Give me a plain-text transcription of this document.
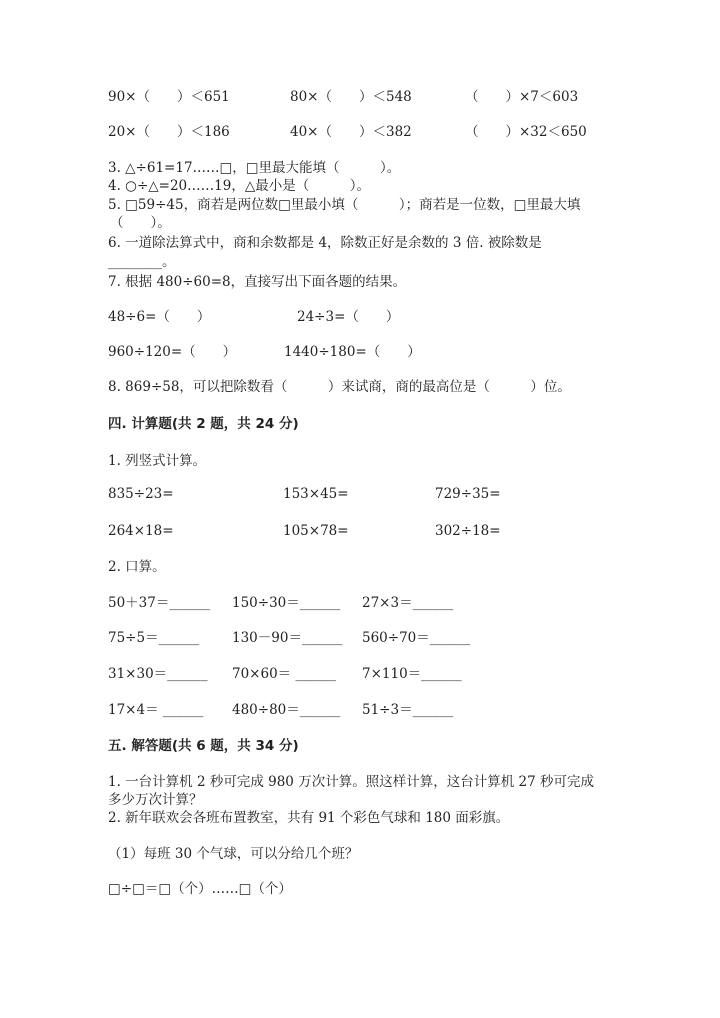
90×（　　）＜651	80×（　　）＜548	（　　）×7＜603
20×（　　）＜186	40×（　　）＜382	（　　）×32＜650
3. △÷61=17……□，□里最大能填（　　　）。
4. ○÷△=20……19，△最小是（　　　）。
5. □59÷45，商若是两位数□里最小填（　　　）；商若是一位数，□里最大填
（　　）。
6. 一道除法算式中，商和余数都是 4，除数正好是余数的 3 倍. 被除数是
________。
7. 根据 480÷60=8，直接写出下面各题的结果。
48÷6=（　　）	24÷3=（　　）
960÷120=（　　）	1440÷180=（　　）
8. 869÷58，可以把除数看（　　　）来试商，商的最高位是（　　　）位。
四. 计算题(共 2 题，共 24 分)
1. 列竖式计算。
835÷23=	153×45=	729÷35=
264×18=	105×78=	302÷18=
2. 口算。
50＋37＝______ 150÷30＝______ 27×3＝______
75÷5＝______ 130－90＝______ 560÷70＝______
31×30＝______ 70×60＝ ______ 7×110＝______
17×4＝ ______ 480÷80＝______ 51÷3＝______
五. 解答题(共 6 题，共 34 分)
1. 一台计算机 2 秒可完成 980 万次计算。照这样计算，这台计算机 27 秒可完成
多少万次计算？
2. 新年联欢会各班布置教室，共有 91 个彩色气球和 180 面彩旗。
（1）每班 30 个气球，可以分给几个班？
□÷□＝□（个）……□（个）
